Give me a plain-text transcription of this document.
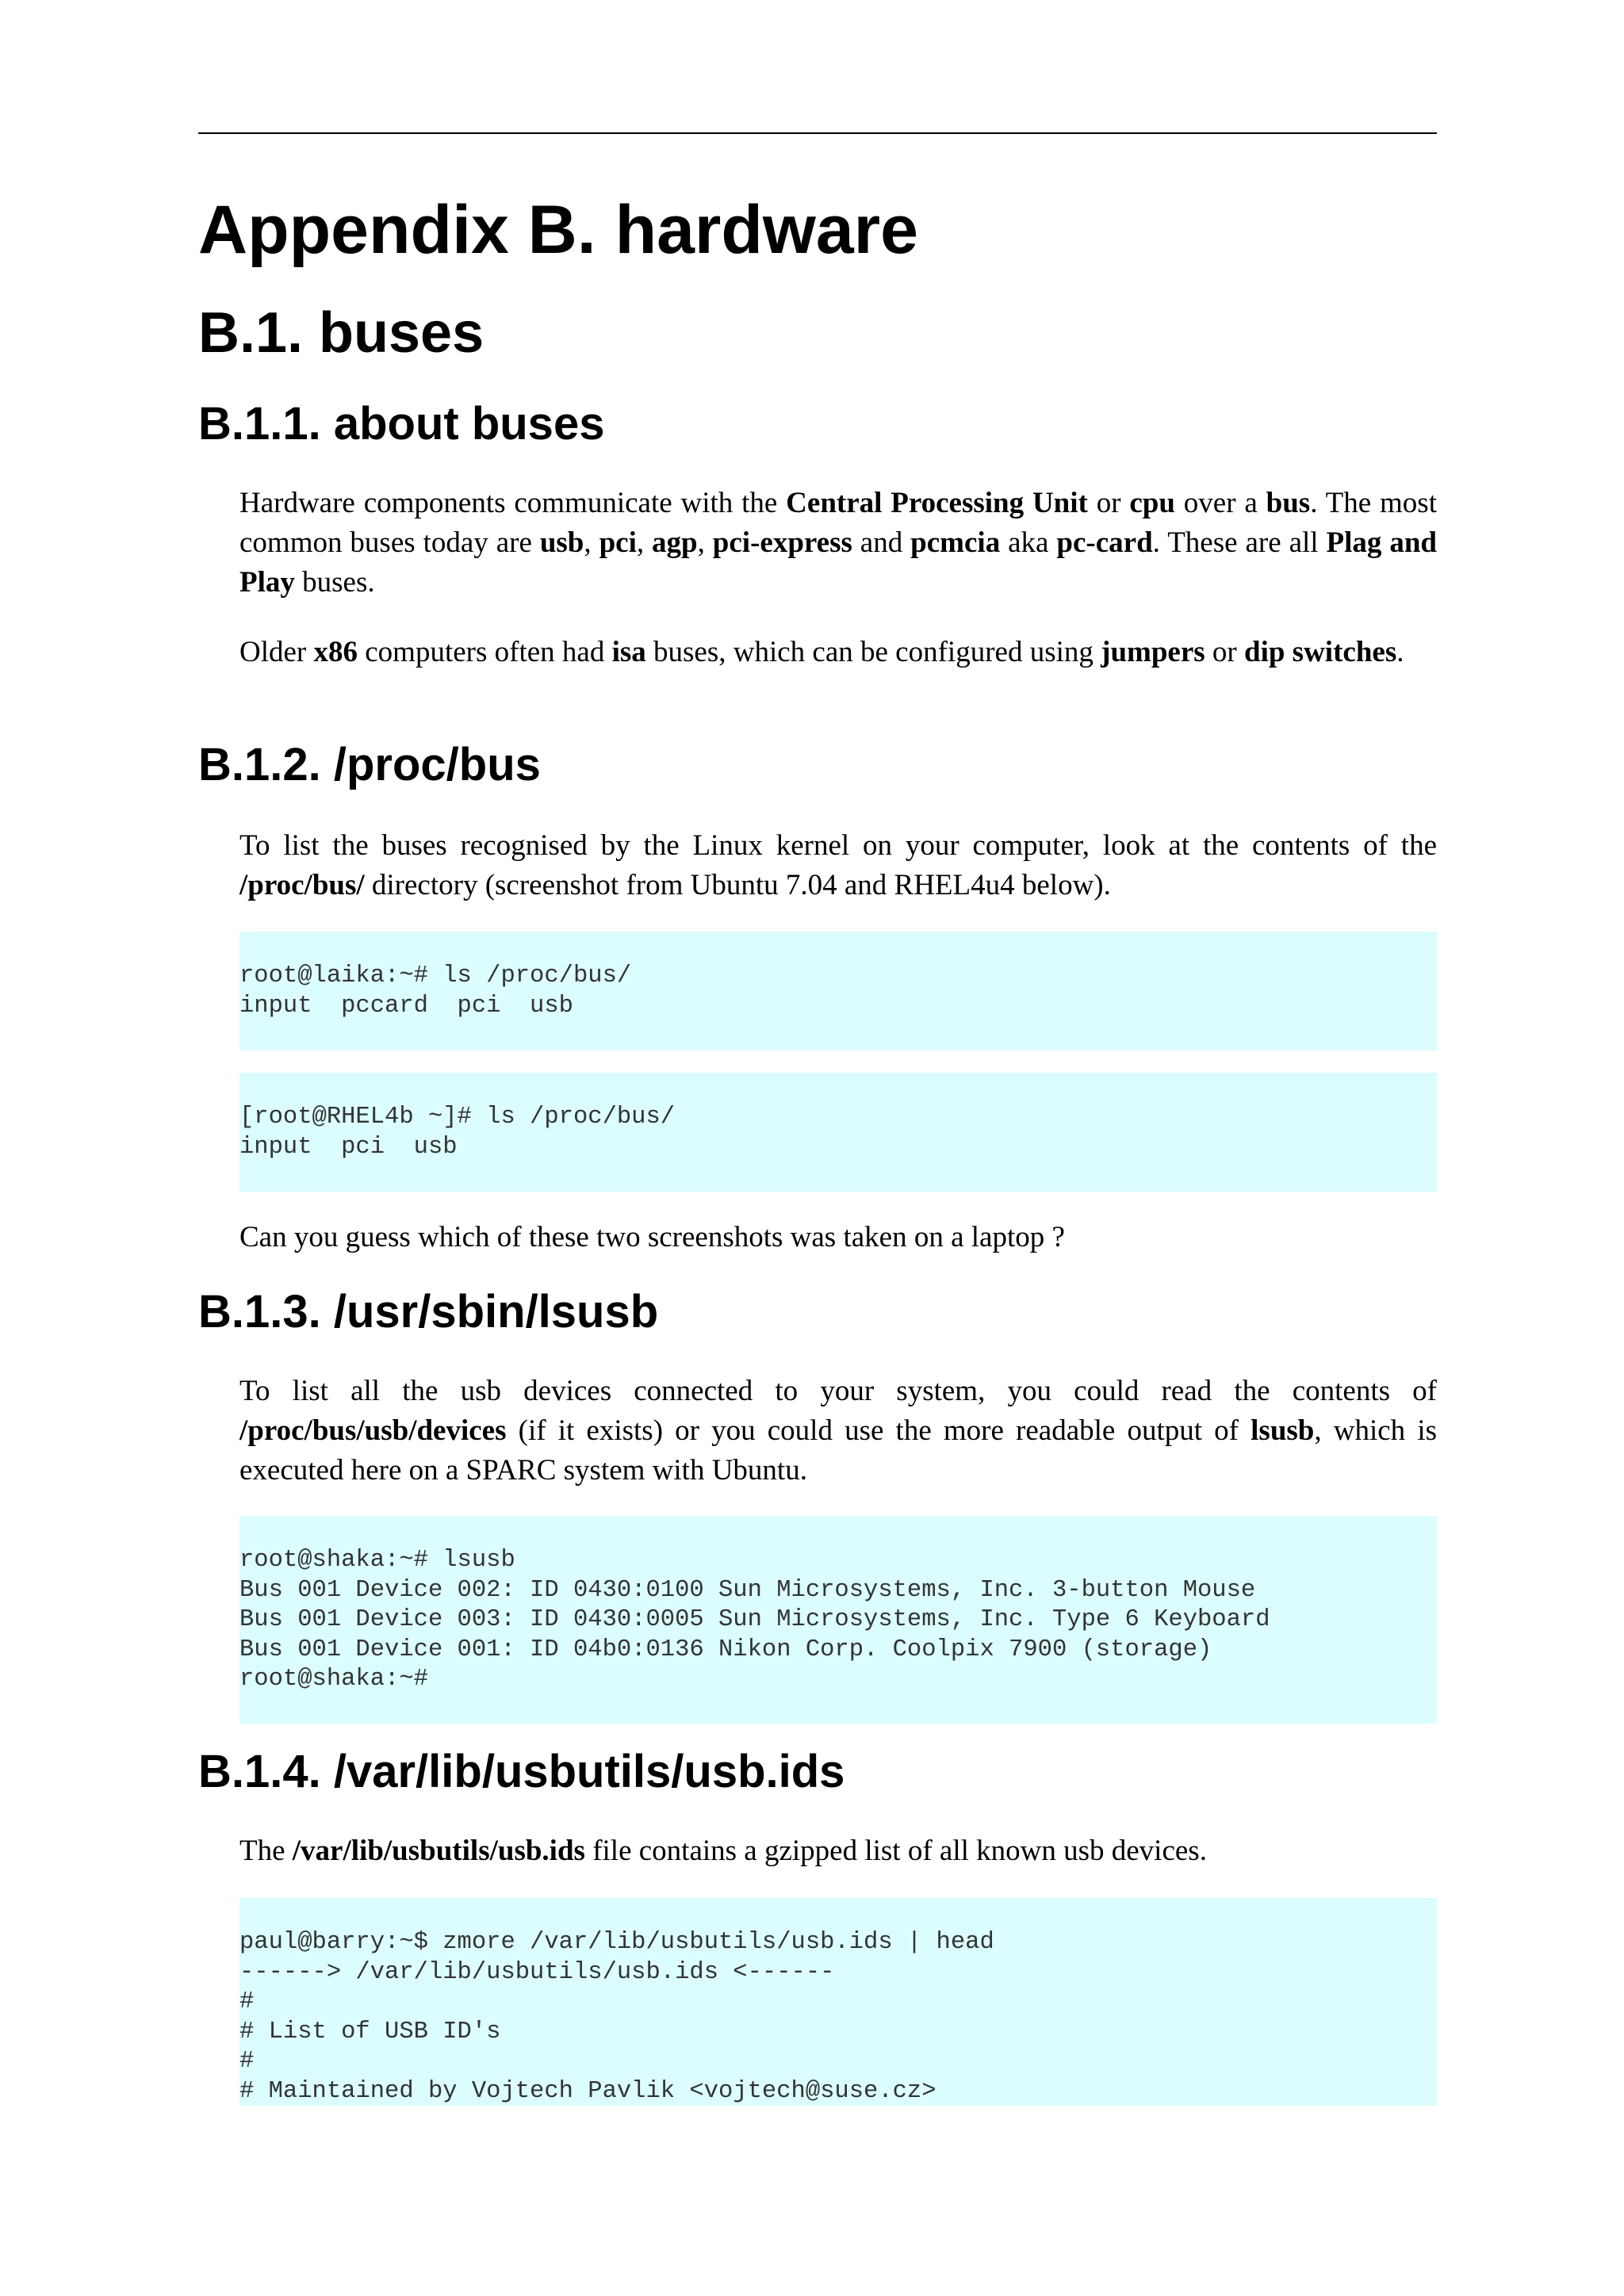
Appendix B. hardware
B.1. buses
B.1.1. about buses

Hardware components communicate with the Central Processing Unit or cpu over a bus. The most common buses today are usb, pci, agp, pci-express and pcmcia aka pc-card. These are all Plag and Play buses.

Older x86 computers often had isa buses, which can be configured using jumpers or dip switches.

B.1.2. /proc/bus

To list the buses recognised by the Linux kernel on your computer, look at the contents of the /proc/bus/ directory (screenshot from Ubuntu 7.04 and RHEL4u4 below).

root@laika:~# ls /proc/bus/
input  pccard  pci  usb
[root@RHEL4b ~]# ls /proc/bus/
input  pci  usb

Can you guess which of these two screenshots was taken on a laptop ?

B.1.3. /usr/sbin/lsusb

To list all the usb devices connected to your system, you could read the contents of /proc/bus/usb/devices (if it exists) or you could use the more readable output of lsusb, which is executed here on a SPARC system with Ubuntu.

root@shaka:~# lsusb
Bus 001 Device 002: ID 0430:0100 Sun Microsystems, Inc. 3-button Mouse
Bus 001 Device 003: ID 0430:0005 Sun Microsystems, Inc. Type 6 Keyboard
Bus 001 Device 001: ID 04b0:0136 Nikon Corp. Coolpix 7900 (storage)
root@shaka:~#
B.1.4. /var/lib/usbutils/usb.ids

The /var/lib/usbutils/usb.ids file contains a gzipped list of all known usb devices.

paul@barry:~$ zmore /var/lib/usbutils/usb.ids | head
------> /var/lib/usbutils/usb.ids <------
#
# List of USB ID's
#
# Maintained by Vojtech Pavlik <vojtech@suse.cz>
